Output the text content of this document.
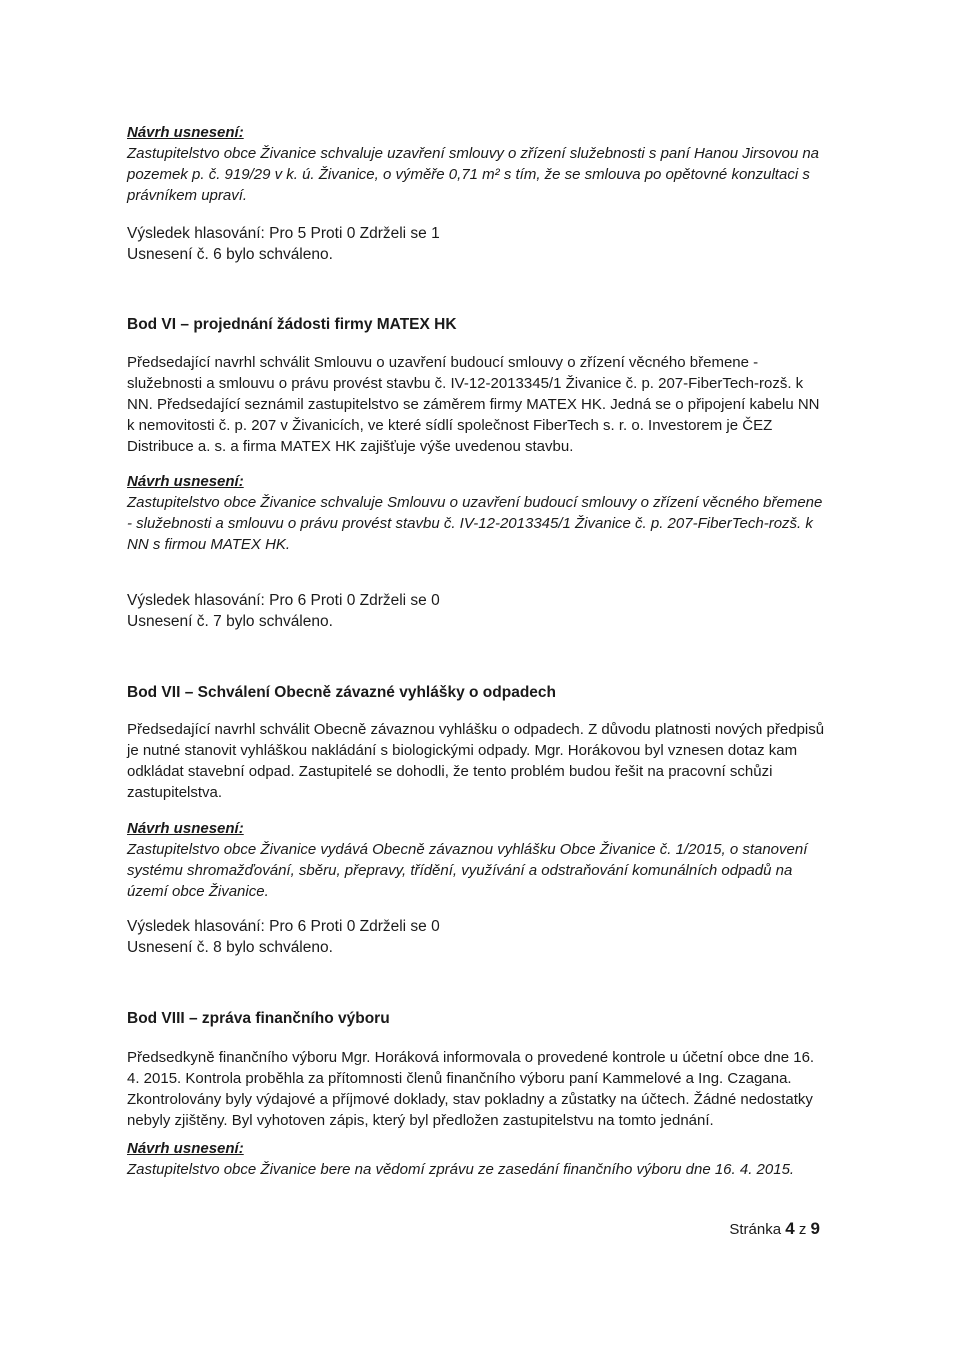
Návrh usnesení:

Zastupitelstvo obce Živanice schvaluje uzavření smlouvy o zřízení služebnosti s paní Hanou Jirsovou na pozemek p. č. 919/29 v k. ú. Živanice, o výměře 0,71 m² s tím, že se smlouva po opětovné konzultaci s právníkem upraví.

Výsledek hlasování: Pro 5 Proti 0 Zdrželi se 1

Usnesení č. 6 bylo schváleno.

Bod VI – projednání žádosti firmy MATEX HK

Předsedající navrhl schválit Smlouvu o uzavření budoucí smlouvy o zřízení věcného břemene - služebnosti a smlouvu o právu provést stavbu č. IV-12-2013345/1 Živanice č. p. 207-FiberTech-rozš. k NN. Předsedající seznámil zastupitelstvo se záměrem firmy MATEX HK. Jedná se o připojení kabelu NN k nemovitosti č. p. 207 v Živanicích, ve které sídlí společnost FiberTech s. r. o. Investorem je ČEZ Distribuce a. s. a firma MATEX HK zajišťuje výše uvedenou stavbu.

Návrh usnesení:

Zastupitelstvo obce Živanice schvaluje Smlouvu o uzavření budoucí smlouvy o zřízení věcného břemene - služebnosti a smlouvu o právu provést stavbu č. IV-12-2013345/1 Živanice č. p. 207-FiberTech-rozš. k NN s firmou MATEX HK.

Výsledek hlasování: Pro 6 Proti 0 Zdrželi se 0

Usnesení č. 7 bylo schváleno.

Bod VII – Schválení Obecně závazné vyhlášky o odpadech

Předsedající navrhl schválit Obecně závaznou vyhlášku o odpadech. Z důvodu platnosti nových předpisů je nutné stanovit vyhláškou nakládání s biologickými odpady. Mgr. Horákovou byl vznesen dotaz kam odkládat stavební odpad. Zastupitelé se dohodli, že tento problém budou řešit na pracovní schůzi zastupitelstva.

Návrh usnesení:

Zastupitelstvo obce Živanice vydává Obecně závaznou vyhlášku Obce Živanice č. 1/2015, o stanovení systému shromažďování, sběru, přepravy, třídění, využívání a odstraňování komunálních odpadů na území obce Živanice.

Výsledek hlasování: Pro 6 Proti 0 Zdrželi se 0

Usnesení č. 8 bylo schváleno.

Bod VIII – zpráva finančního výboru

Předsedkyně finančního výboru Mgr. Horáková informovala o provedené kontrole u účetní obce dne 16. 4. 2015. Kontrola proběhla za přítomnosti členů finančního výboru paní Kammelové a Ing. Czagana. Zkontrolovány byly výdajové a příjmové doklady, stav pokladny a zůstatky na účtech. Žádné nedostatky nebyly zjištěny. Byl vyhotoven zápis, který byl předložen zastupitelstvu na tomto jednání.

Návrh usnesení:

Zastupitelstvo obce Živanice bere na vědomí zprávu ze zasedání finančního výboru dne 16. 4. 2015.

Stránka 4 z 9
